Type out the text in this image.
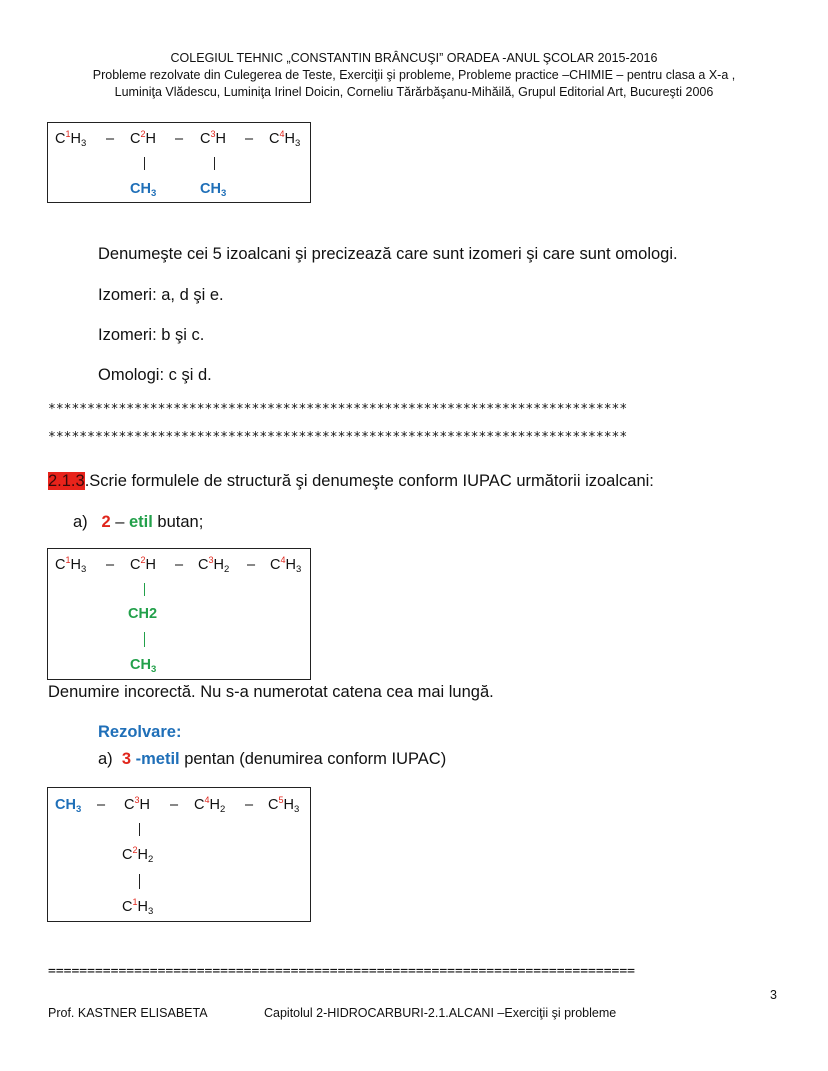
COLEGIUL TEHNIC „CONSTANTIN BRÂNCUŞI” ORADEA -ANUL ŞCOLAR 2015-2016
Probleme rezolvate din Culegerea de Teste, Exerciţii şi probleme, Probleme practice –CHIMIE – pentru clasa a X-a ,
Luminiţa Vlădescu, Luminiţa Irinel Doicin, Corneliu Tărărbăşanu-Mihăilă, Grupul Editorial Art, Bucureşti 2006
$C^1H_3 - C^2H - C^3H - C^4H_3$
$CH_3$	$CH_3$
Denumeşte cei 5 izoalcani şi precizează care sunt izomeri şi care sunt omologi.
Izomeri: a, d şi e.
Izomeri: b şi c.
Omologi: c şi d.
**************************************************************************
**************************************************************************
2.1.3.Scrie formulele de structură şi denumeşte conform IUPAC următorii izoalcani:
a) 2 – etil butan;
$C^1H_3 - C^2H - C^3H_2 - C^4H_3$
CH2
$CH_3$
Denumire incorectă. Nu s-a numerotat catena cea mai lungă.
Rezolvare:
a) 3 -metil pentan (denumirea conform IUPAC)
$CH_3 - C^3H - C^4H_2 - C^5H_3$
$C^2H_2$
$C^1H_3$
===========================================================================
3
Prof. KASTNER ELISABETA	Capitolul 2-HIDROCARBURI-2.1.ALCANI –Exerciţii şi probleme
